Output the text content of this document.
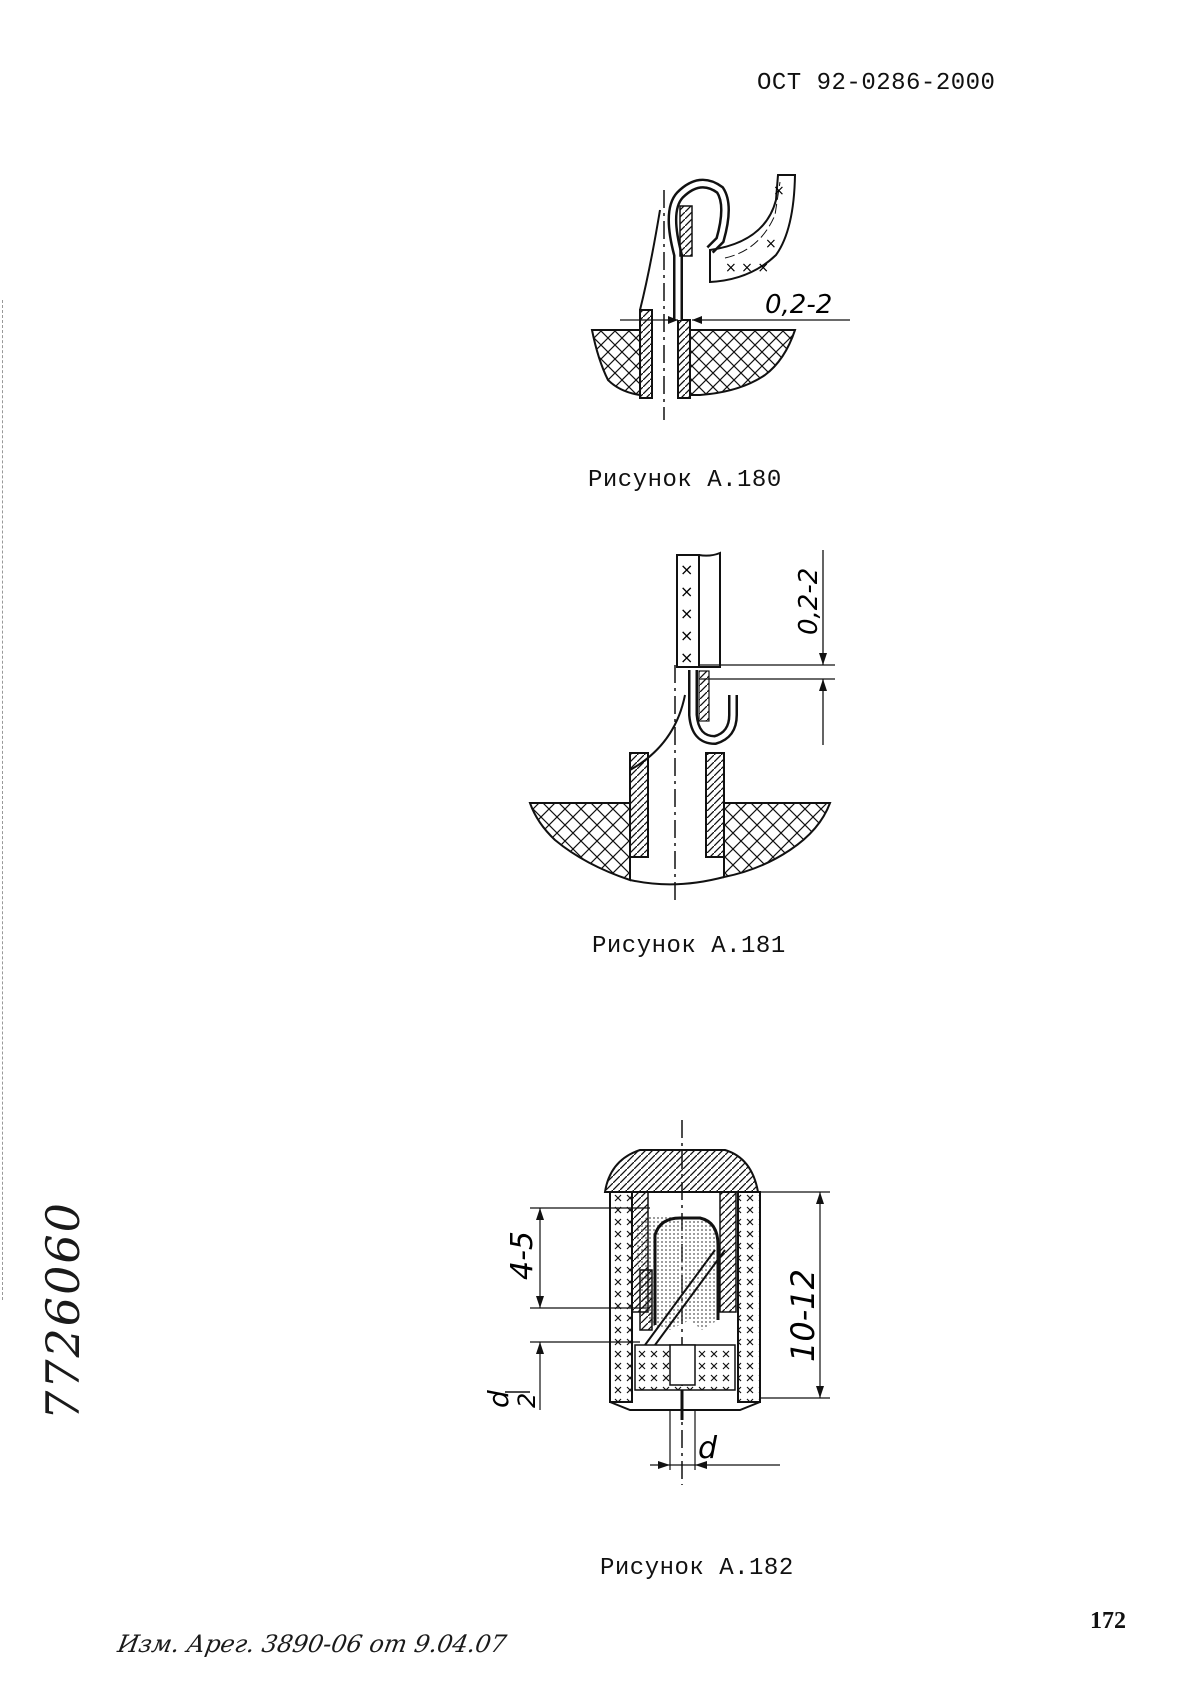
ОСТ 92-0286-2000
× × ×
×
×
0,2-2
Рисунок А.180
×
×
×
×
×
0,2-2
Рисунок А.181
4-5
d
2
10-12
d
Рисунок А.182
7726060
172
Изм. Арег. 3890-06 от 9.04.07
